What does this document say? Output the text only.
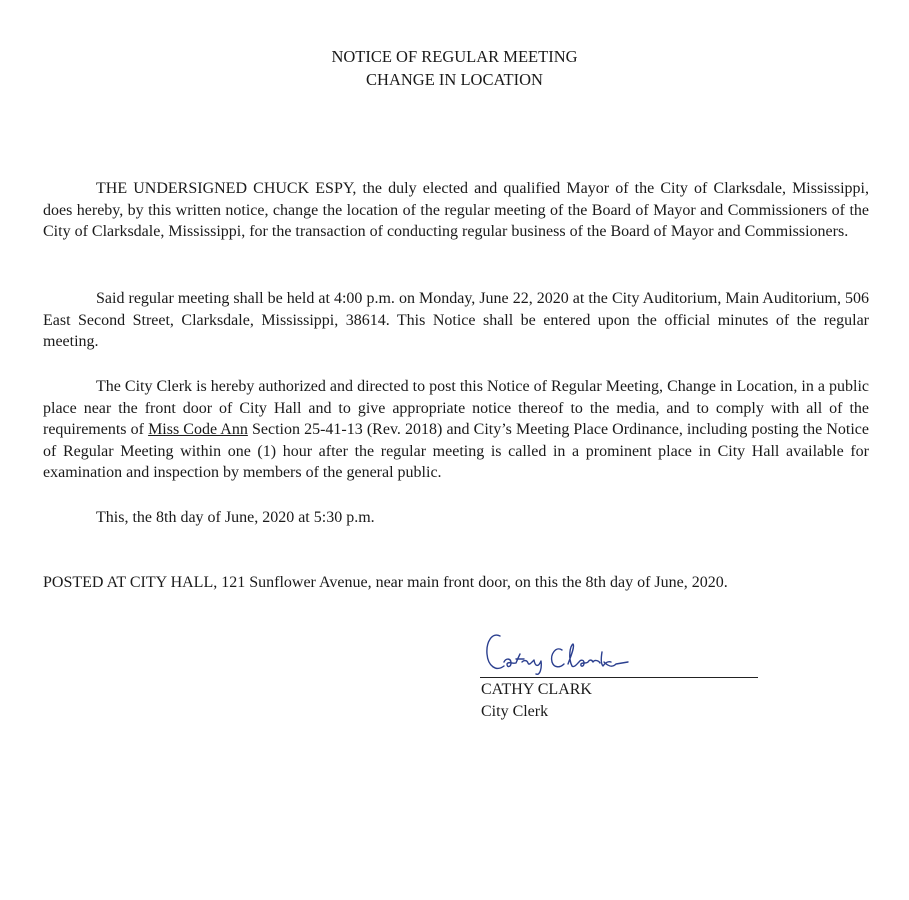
NOTICE OF REGULAR MEETING
CHANGE IN LOCATION

THE UNDERSIGNED CHUCK ESPY, the duly elected and qualified Mayor of the City of Clarksdale, Mississippi, does hereby, by this written notice, change the location of the regular meeting of the Board of Mayor and Commissioners of the City of Clarksdale, Mississippi, for the transaction of conducting regular business of the Board of Mayor and Commissioners.

Said regular meeting shall be held at 4:00 p.m. on Monday, June 22, 2020 at the City Auditorium, Main Auditorium, 506 East Second Street, Clarksdale, Mississippi, 38614. This Notice shall be entered upon the official minutes of the regular meeting.

The City Clerk is hereby authorized and directed to post this Notice of Regular Meeting, Change in Location, in a public place near the front door of City Hall and to give appropriate notice thereof to the media, and to comply with all of the requirements of Miss Code Ann Section 25-41-13 (Rev. 2018) and City’s Meeting Place Ordinance, including posting the Notice of Regular Meeting within one (1) hour after the regular meeting is called in a prominent place in City Hall available for examination and inspection by members of the general public.

This, the 8th day of June, 2020 at 5:30 p.m.

POSTED AT CITY HALL, 121 Sunflower Avenue, near main front door, on this the 8th day of June, 2020.
CATHY CLARK
City Clerk
